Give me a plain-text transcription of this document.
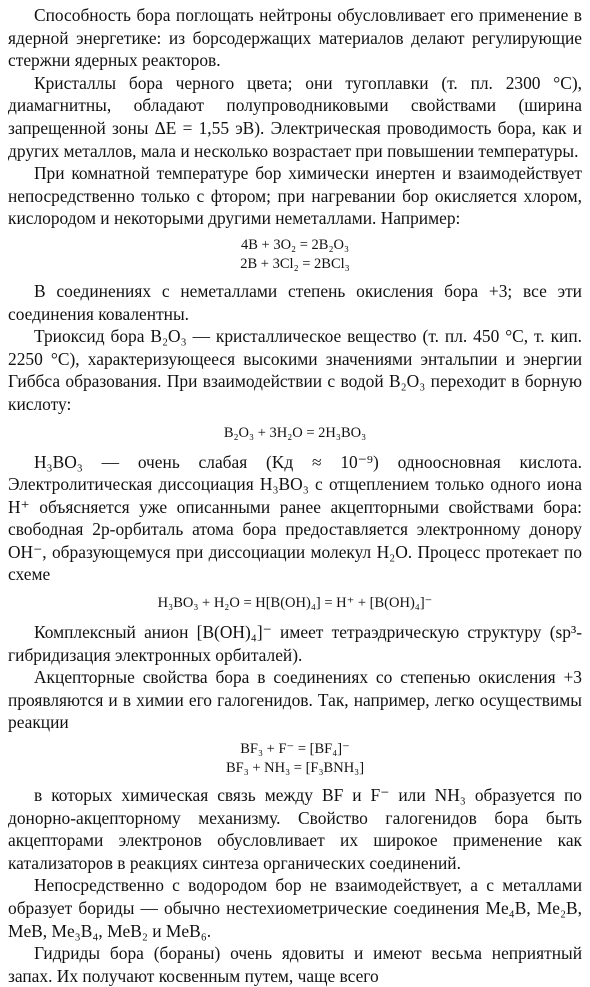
Способность бора поглощать нейтроны обусловливает его применение в ядерной энергетике: из борсодержащих материалов делают регулирующие стержни ядерных реакторов.

Кристаллы бора черного цвета; они тугоплавки (т. пл. 2300 °С), диамагнитны, обладают полупроводниковыми свойствами (ширина запрещенной зоны ΔE = 1,55 эВ). Электрическая проводимость бора, как и других металлов, мала и несколько возрастает при повышении температуры.

При комнатной температуре бор химически инертен и взаимодействует непосредственно только с фтором; при нагревании бор окисляется хлором, кислородом и некоторыми другими неметаллами. Например:

4B + 3O₂ = 2B₂O₃

2B + 3Cl₂ = 2BCl₃

В соединениях с неметаллами степень окисления бора +3; все эти соединения ковалентны.

Триоксид бора B₂O₃ — кристаллическое вещество (т. пл. 450 °С, т. кип. 2250 °С), характеризующееся высокими значениями энтальпии и энергии Гиббса образования. При взаимодействии с водой B₂O₃ переходит в борную кислоту:

B₂O₃ + 3H₂O = 2H₃BO₃

H₃BO₃ — очень слабая (Kд ≈ 10⁻⁹) одноосновная кислота. Электролитическая диссоциация H₃BO₃ с отщеплением только одного иона H⁺ объясняется уже описанными ранее акцепторными свойствами бора: свободная 2p-орбиталь атома бора предоставляется электронному донору OH⁻, образующемуся при диссоциации молекул H₂O. Процесс протекает по схеме

H₃BO₃ + H₂O = H[B(OH)₄] = H⁺ + [B(OH)₄]⁻

Комплексный анион [B(OH)₄]⁻ имеет тетраэдрическую структуру (sp³-гибридизация электронных орбиталей).

Акцепторные свойства бора в соединениях со степенью окисления +3 проявляются и в химии его галогенидов. Так, например, легко осуществимы реакции

BF₃ + F⁻ = [BF₄]⁻

BF₃ + NH₃ = [F₃BNH₃]

в которых химическая связь между BF и F⁻ или NH₃ образуется по донорно-акцепторному механизму. Свойство галогенидов бора быть акцепторами электронов обусловливает их широкое применение как катализаторов в реакциях синтеза органических соединений.

Непосредственно с водородом бор не взаимодействует, а с металлами образует бориды — обычно нестехиометрические соединения Me₄B, Me₂B, MeB, Me₃B₄, MeB₂ и MeB₆.

Гидриды бора (бораны) очень ядовиты и имеют весьма неприятный запах. Их получают косвенным путем, чаще всего
